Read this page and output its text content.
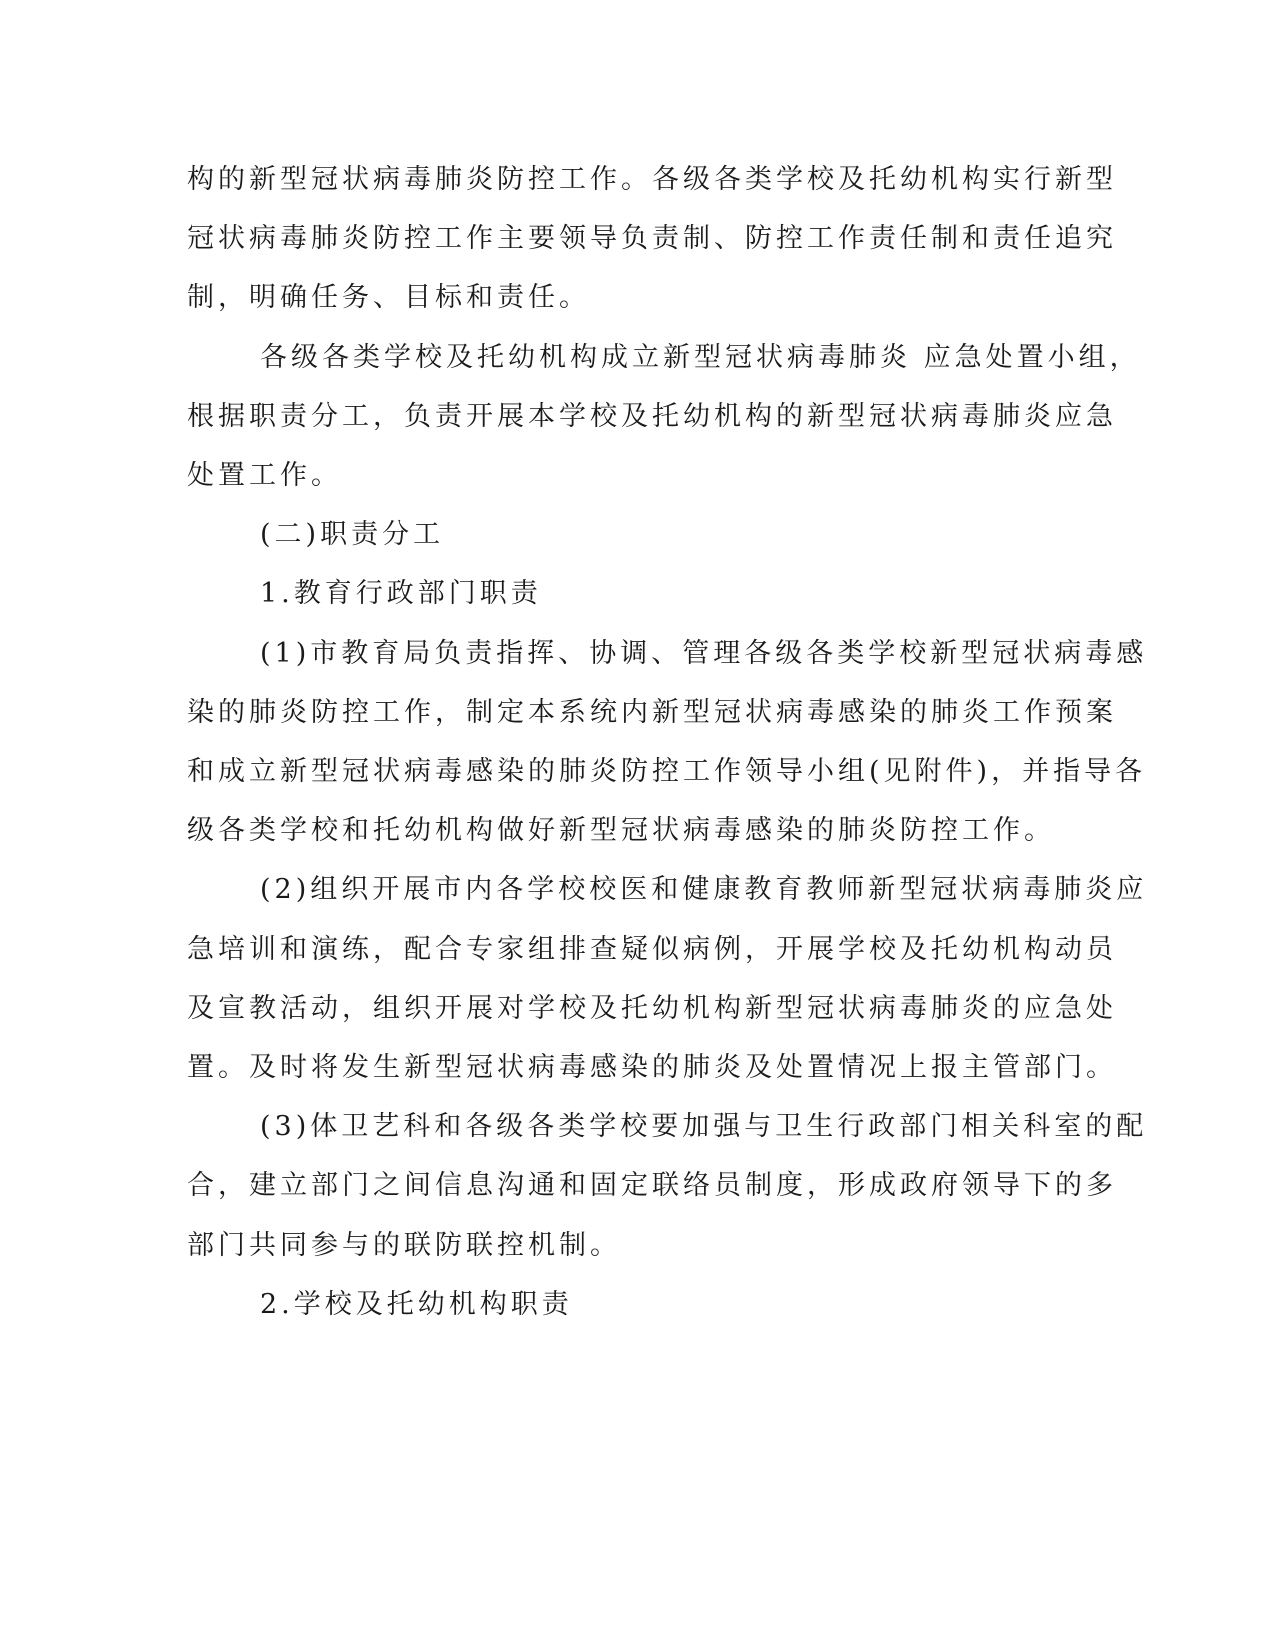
构的新型冠状病毒肺炎防控工作。各级各类学校及托幼机构实行新型
冠状病毒肺炎防控工作主要领导负责制、防控工作责任制和责任追究
制，明确任务、目标和责任。
各级各类学校及托幼机构成立新型冠状病毒肺炎 应急处置小组，
根据职责分工，负责开展本学校及托幼机构的新型冠状病毒肺炎应急
处置工作。
(二)职责分工
1.教育行政部门职责
(1)市教育局负责指挥、协调、管理各级各类学校新型冠状病毒感
染的肺炎防控工作，制定本系统内新型冠状病毒感染的肺炎工作预案
和成立新型冠状病毒感染的肺炎防控工作领导小组(见附件)，并指导各
级各类学校和托幼机构做好新型冠状病毒感染的肺炎防控工作。
(2)组织开展市内各学校校医和健康教育教师新型冠状病毒肺炎应
急培训和演练，配合专家组排查疑似病例，开展学校及托幼机构动员
及宣教活动，组织开展对学校及托幼机构新型冠状病毒肺炎的应急处
置。及时将发生新型冠状病毒感染的肺炎及处置情况上报主管部门。
(3)体卫艺科和各级各类学校要加强与卫生行政部门相关科室的配
合，建立部门之间信息沟通和固定联络员制度，形成政府领导下的多
部门共同参与的联防联控机制。
2.学校及托幼机构职责
